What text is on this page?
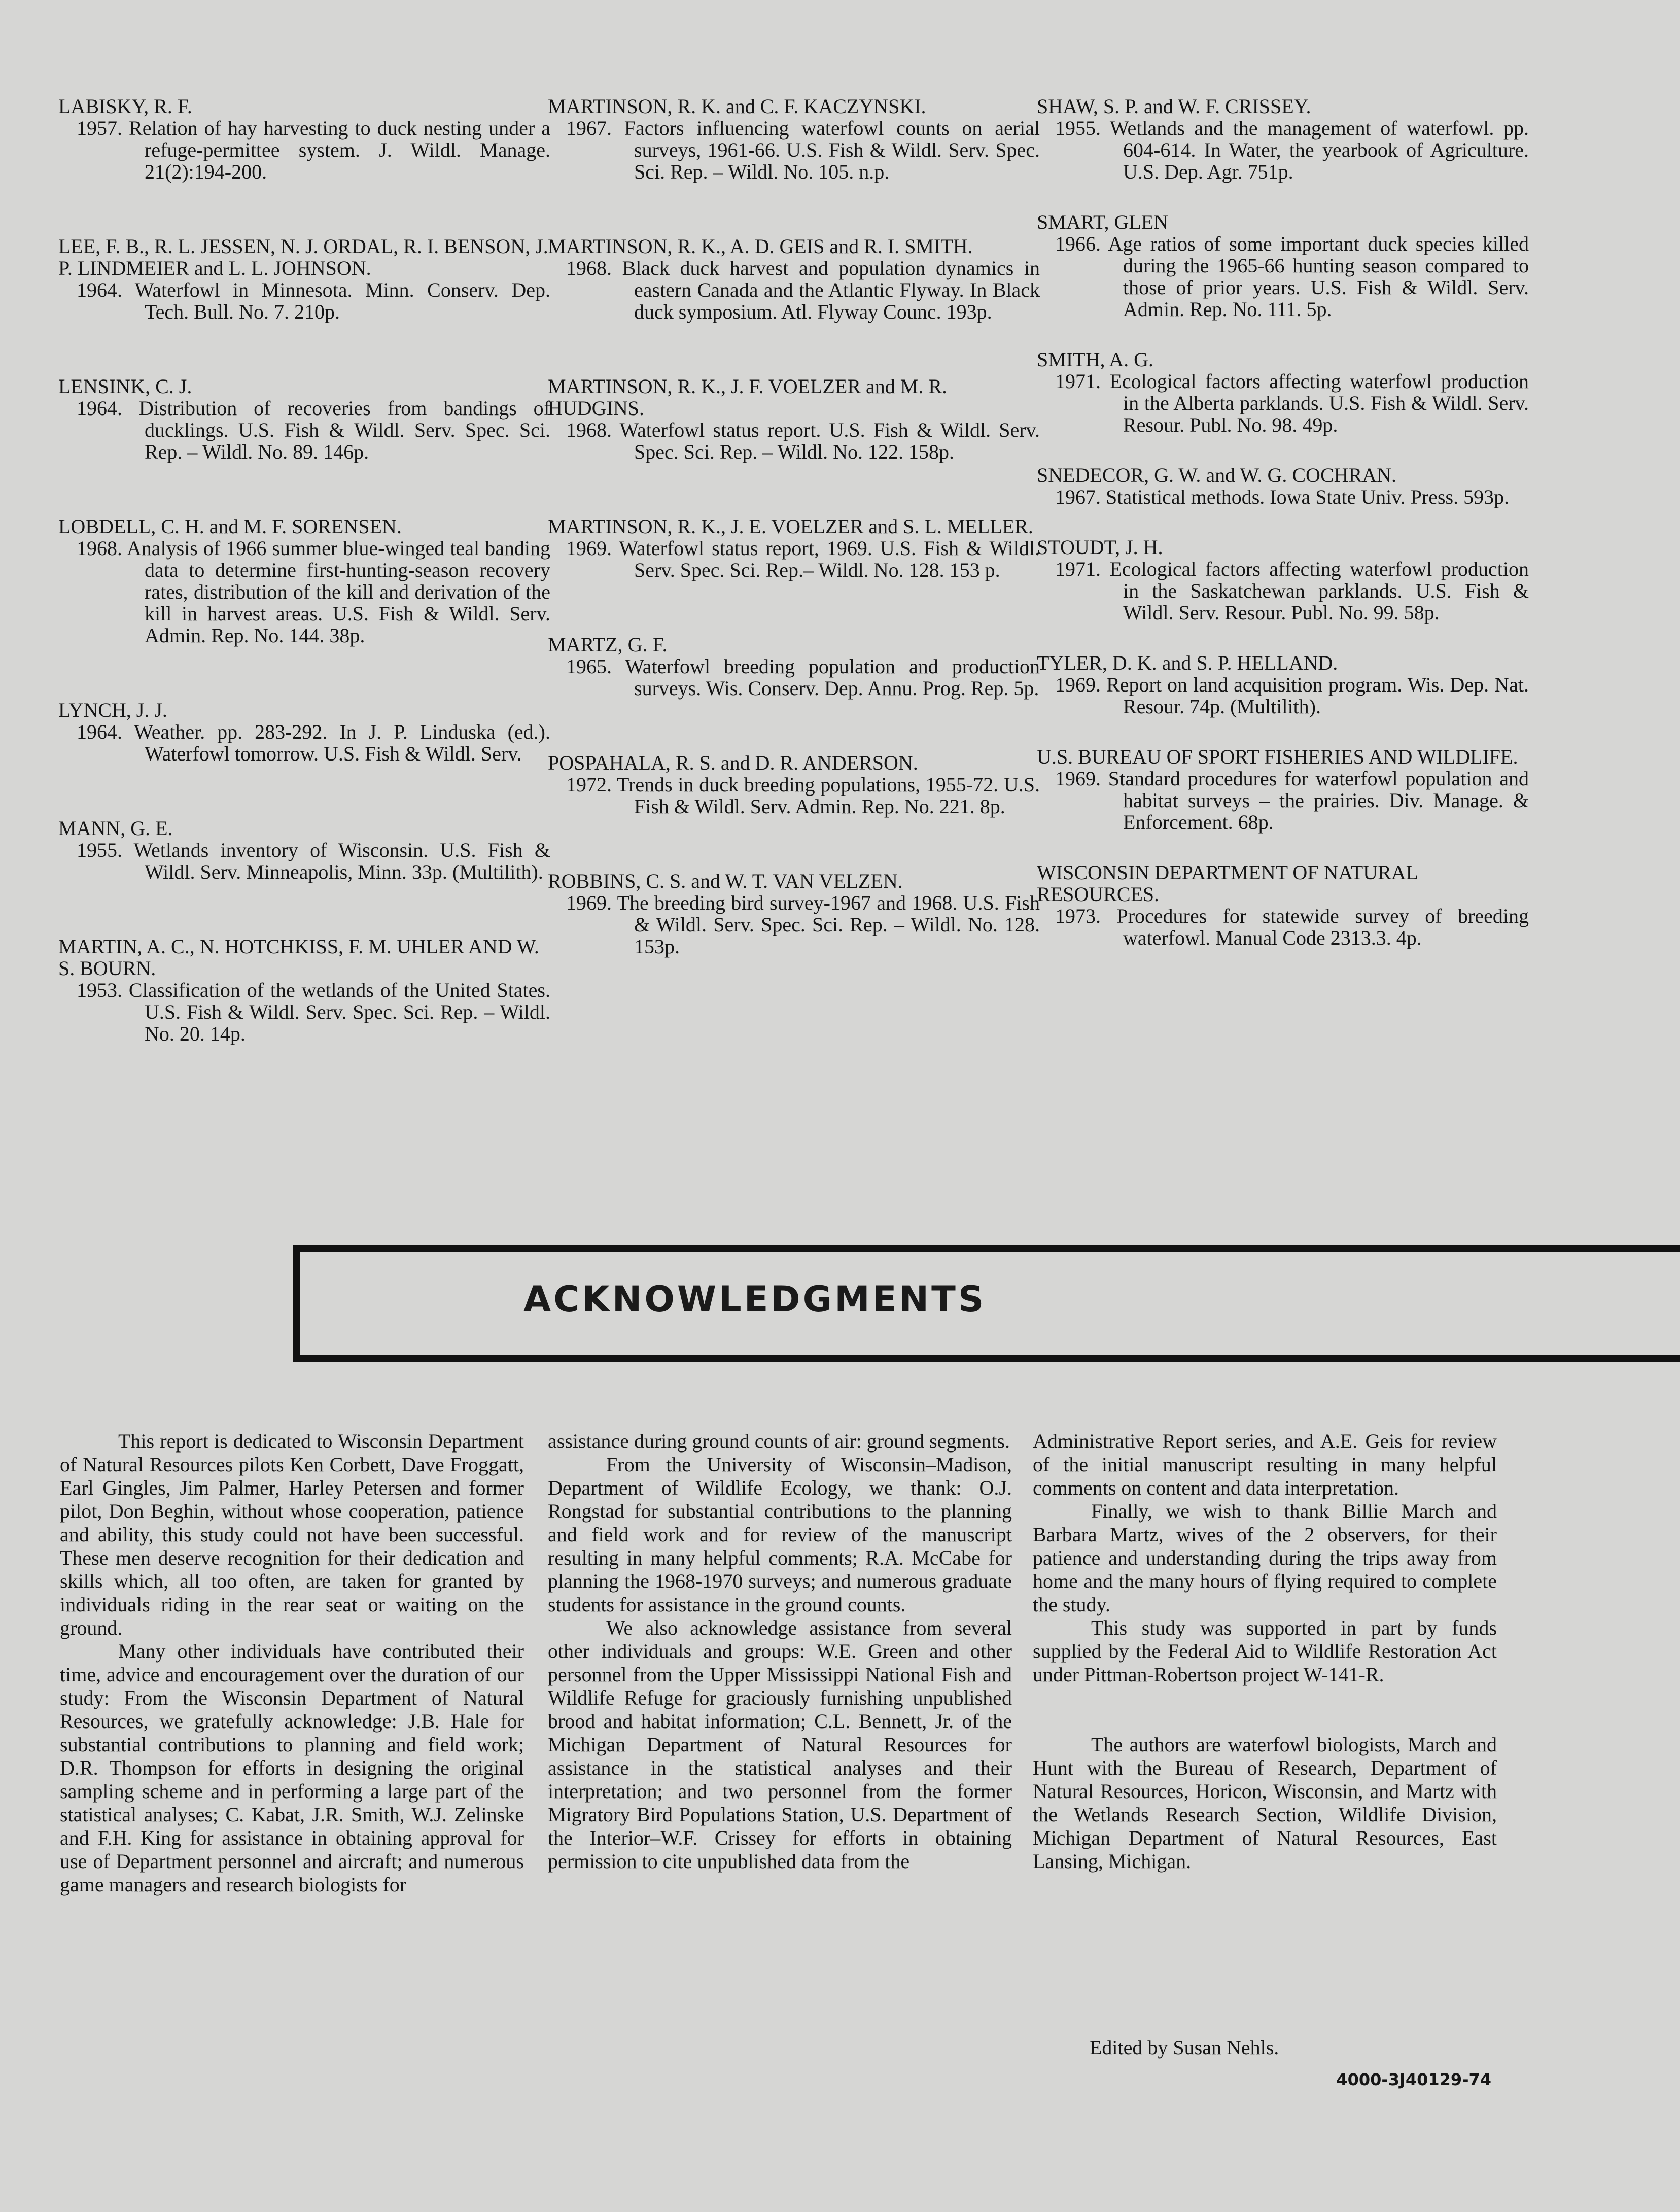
LABISKY, R. F.
1957. Relation of hay harvesting to duck nesting under a refuge-permittee system. J. Wildl. Manage. 21(2):194-200.
LEE, F. B., R. L. JESSEN, N. J. ORDAL, R. I. BENSON, J. P. LINDMEIER and L. L. JOHNSON.
1964. Waterfowl in Minnesota. Minn. Conserv. Dep. Tech. Bull. No. 7. 210p.
LENSINK, C. J.
1964. Distribution of recoveries from bandings of ducklings. U.S. Fish & Wildl. Serv. Spec. Sci. Rep. – Wildl. No. 89. 146p.
LOBDELL, C. H. and M. F. SORENSEN.
1968. Analysis of 1966 summer blue-winged teal banding data to determine first-hunting-season recovery rates, distribution of the kill and derivation of the kill in harvest areas. U.S. Fish & Wildl. Serv. Admin. Rep. No. 144. 38p.
LYNCH, J. J.
1964. Weather. pp. 283-292. In J. P. Linduska (ed.). Waterfowl tomorrow. U.S. Fish & Wildl. Serv.
MANN, G. E.
1955. Wetlands inventory of Wisconsin. U.S. Fish & Wildl. Serv. Minneapolis, Minn. 33p. (Multilith).
MARTIN, A. C., N. HOTCHKISS, F. M. UHLER AND W. S. BOURN.
1953. Classification of the wetlands of the United States. U.S. Fish & Wildl. Serv. Spec. Sci. Rep. – Wildl. No. 20. 14p.
MARTINSON, R. K. and C. F. KACZYNSKI.
1967. Factors influencing waterfowl counts on aerial surveys, 1961-66. U.S. Fish & Wildl. Serv. Spec. Sci. Rep. – Wildl. No. 105. n.p.
MARTINSON, R. K., A. D. GEIS and R. I. SMITH.
1968. Black duck harvest and population dynamics in eastern Canada and the Atlantic Flyway. In Black duck symposium. Atl. Flyway Counc. 193p.
MARTINSON, R. K., J. F. VOELZER and M. R. HUDGINS.
1968. Waterfowl status report. U.S. Fish & Wildl. Serv. Spec. Sci. Rep. – Wildl. No. 122. 158p.
MARTINSON, R. K., J. E. VOELZER and S. L. MELLER.
1969. Waterfowl status report, 1969. U.S. Fish & Wildl. Serv. Spec. Sci. Rep.– Wildl. No. 128. 153 p.
MARTZ, G. F.
1965. Waterfowl breeding population and production surveys. Wis. Conserv. Dep. Annu. Prog. Rep. 5p.
POSPAHALA, R. S. and D. R. ANDERSON.
1972. Trends in duck breeding populations, 1955-72. U.S. Fish & Wildl. Serv. Admin. Rep. No. 221. 8p.
ROBBINS, C. S. and W. T. VAN VELZEN.
1969. The breeding bird survey-1967 and 1968. U.S. Fish & Wildl. Serv. Spec. Sci. Rep. – Wildl. No. 128. 153p.
SHAW, S. P. and W. F. CRISSEY.
1955. Wetlands and the management of waterfowl. pp. 604-614. In Water, the yearbook of Agriculture. U.S. Dep. Agr. 751p.
SMART, GLEN
1966. Age ratios of some important duck species killed during the 1965-66 hunting season compared to those of prior years. U.S. Fish & Wildl. Serv. Admin. Rep. No. 111. 5p.
SMITH, A. G.
1971. Ecological factors affecting waterfowl production in the Alberta parklands. U.S. Fish & Wildl. Serv. Resour. Publ. No. 98. 49p.
SNEDECOR, G. W. and W. G. COCHRAN.
1967. Statistical methods. Iowa State Univ. Press. 593p.
STOUDT, J. H.
1971. Ecological factors affecting waterfowl production in the Saskatchewan parklands. U.S. Fish & Wildl. Serv. Resour. Publ. No. 99. 58p.
TYLER, D. K. and S. P. HELLAND.
1969. Report on land acquisition program. Wis. Dep. Nat. Resour. 74p. (Multilith).
U.S. BUREAU OF SPORT FISHERIES AND WILDLIFE.
1969. Standard procedures for waterfowl population and habitat surveys – the prairies. Div. Manage. & Enforcement. 68p.
WISCONSIN DEPARTMENT OF NATURAL RESOURCES.
1973. Procedures for statewide survey of breeding waterfowl. Manual Code 2313.3. 4p.
ACKNOWLEDGMENTS

This report is dedicated to Wisconsin Department of Natural Resources pilots Ken Corbett, Dave Froggatt, Earl Gingles, Jim Palmer, Harley Petersen and former pilot, Don Beghin, without whose cooperation, patience and ability, this study could not have been successful. These men deserve recognition for their dedication and skills which, all too often, are taken for granted by individuals riding in the rear seat or waiting on the ground.

Many other individuals have contributed their time, advice and encouragement over the duration of our study: From the Wisconsin Department of Natural Resources, we gratefully acknowledge: J.B. Hale for substantial contributions to planning and field work; D.R. Thompson for efforts in designing the original sampling scheme and in performing a large part of the statistical analyses; C. Kabat, J.R. Smith, W.J. Zelinske and F.H. King for assistance in obtaining approval for use of Department personnel and aircraft; and numerous game managers and research biologists for

assistance during ground counts of air: ground segments.

From the University of Wisconsin–Madison, Department of Wildlife Ecology, we thank: O.J. Rongstad for substantial contributions to the planning and field work and for review of the manuscript resulting in many helpful comments; R.A. McCabe for planning the 1968-1970 surveys; and numerous graduate students for assistance in the ground counts.

We also acknowledge assistance from several other individuals and groups: W.E. Green and other personnel from the Upper Mississippi National Fish and Wildlife Refuge for graciously furnishing unpublished brood and habitat information; C.L. Bennett, Jr. of the Michigan Department of Natural Resources for assistance in the statistical analyses and their interpretation; and two personnel from the former Migratory Bird Populations Station, U.S. Department of the Interior–W.F. Crissey for efforts in obtaining permission to cite unpublished data from the

Administrative Report series, and A.E. Geis for review of the initial manuscript resulting in many helpful comments on content and data interpretation.

Finally, we wish to thank Billie March and Barbara Martz, wives of the 2 observers, for their patience and understanding during the trips away from home and the many hours of flying required to complete the study.

This study was supported in part by funds supplied by the Federal Aid to Wildlife Restoration Act under Pittman-Robertson project W-141-R.

The authors are waterfowl biologists, March and Hunt with the Bureau of Research, Department of Natural Resources, Horicon, Wisconsin, and Martz with the Wetlands Research Section, Wildlife Division, Michigan Department of Natural Resources, East Lansing, Michigan.

Edited by Susan Nehls.
4000-3J40129-74
